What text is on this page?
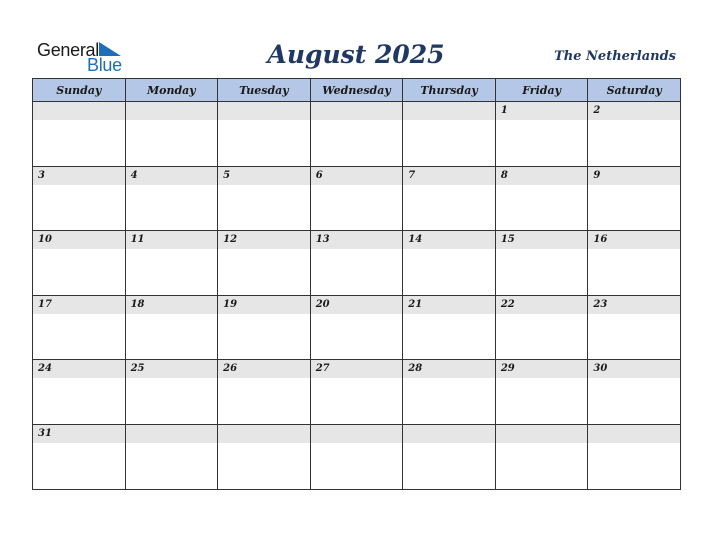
General
Blue	August 2025	The Netherlands
Sunday	Monday	Tuesday	Wednesday	Thursday	Friday	Saturday

					1	2

3	4	5	6	7	8	9

10	11	12	13	14	15	16

17	18	19	20	21	22	23

24	25	26	27	28	29	30

31						
